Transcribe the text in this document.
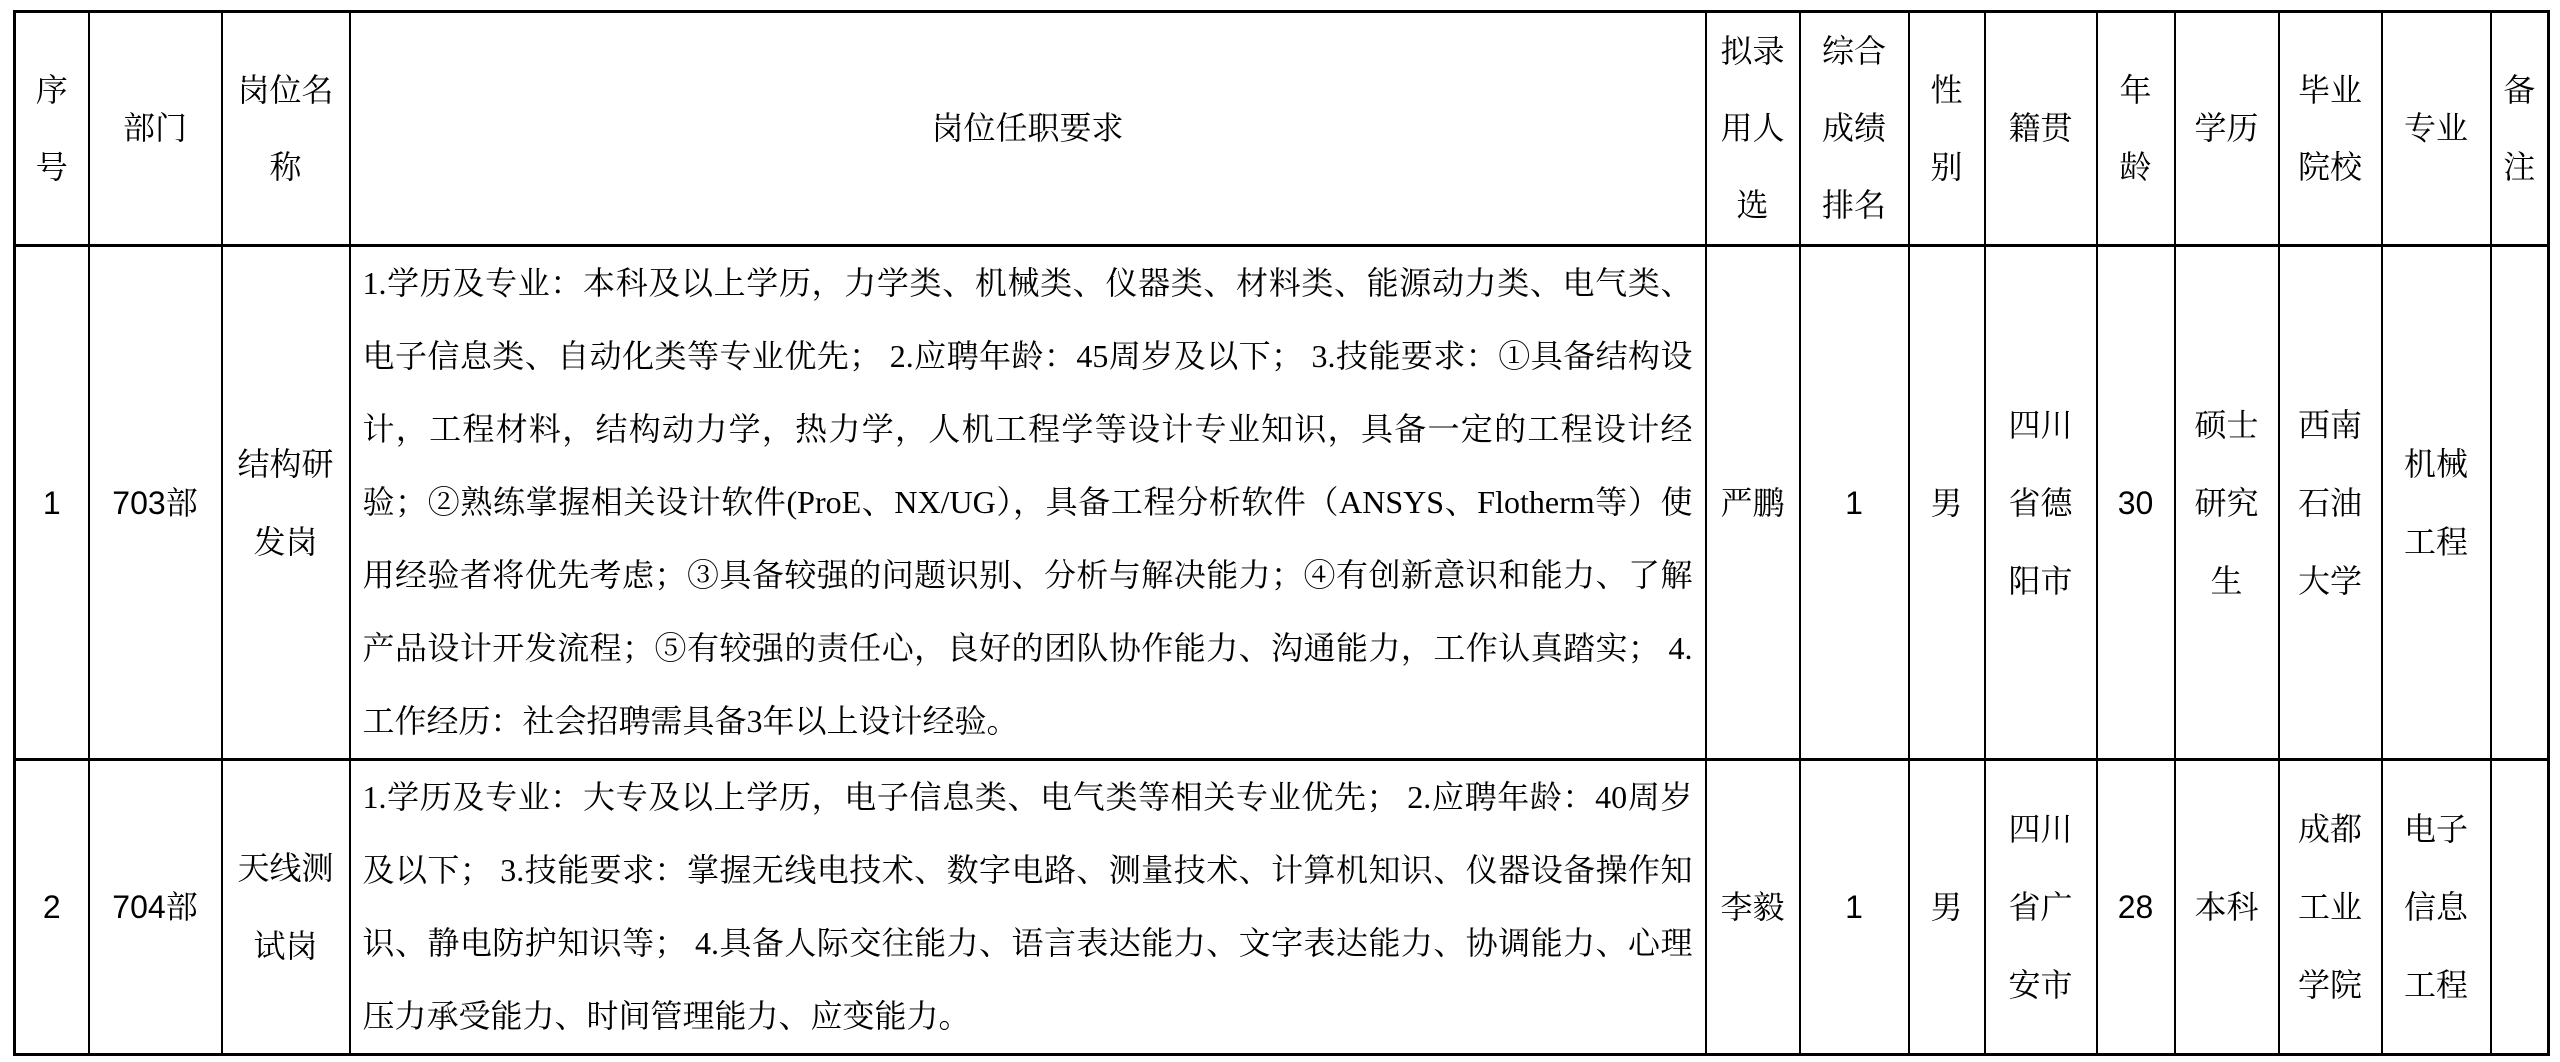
序号	部门	岗位名称	岗位任职要求	拟录用人选	综合成绩排名	性别	籍贯	年龄	学历	毕业院校	专业	备注
1	703部	结构研发岗	1.学历及专业：本科及以上学历，力学类、机械类、仪器类、材料类、能源动力类、电气类、电子信息类、自动化类等专业优先； 2.应聘年龄：45周岁及以下； 3.技能要求：①具备结构设计，工程材料，结构动力学，热力学，人机工程学等设计专业知识，具备一定的工程设计经验；②熟练掌握相关设计软件(ProE、NX/UG），具备工程分析软件（ANSYS、Flotherm等）使用经验者将优先考虑；③具备较强的问题识别、分析与解决能力；④有创新意识和能力、了解产品设计开发流程；⑤有较强的责任心，良好的团队协作能力、沟通能力，工作认真踏实； 4.工作经历：社会招聘需具备3年以上设计经验。	严鹏	1	男	四川省德阳市	30	硕士研究生	西南石油大学	机械工程	
2	704部	天线测试岗	1.学历及专业：大专及以上学历，电子信息类、电气类等相关专业优先； 2.应聘年龄：40周岁及以下； 3.技能要求：掌握无线电技术、数字电路、测量技术、计算机知识、仪器设备操作知识、静电防护知识等； 4.具备人际交往能力、语言表达能力、文字表达能力、协调能力、心理压力承受能力、时间管理能力、应变能力。	李毅	1	男	四川省广安市	28	本科	成都工业学院	电子信息工程	
